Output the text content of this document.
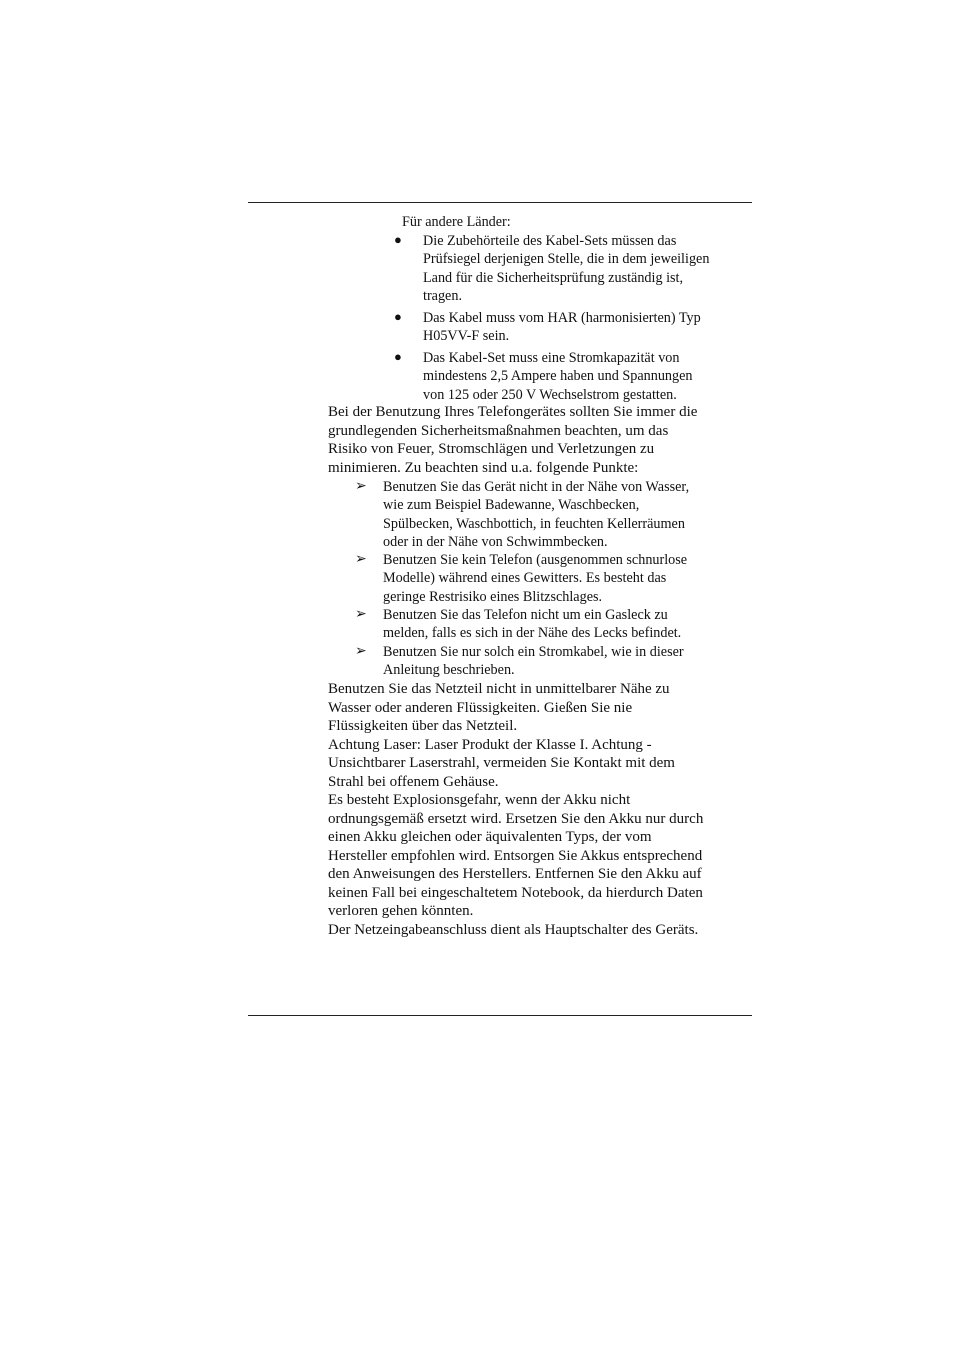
Für andere Länder:
● Die Zubehörteile des Kabel-Sets müssen das
Prüfsiegel derjenigen Stelle, die in dem jeweiligen
Land für die Sicherheitsprüfung zuständig ist,
tragen.
● Das Kabel muss vom HAR (harmonisierten) Typ
H05VV-F sein.
● Das Kabel-Set muss eine Stromkapazität von
mindestens 2,5 Ampere haben und Spannungen
von 125 oder 250 V Wechselstrom gestatten.
Bei der Benutzung Ihres Telefongerätes sollten Sie immer die
grundlegenden Sicherheitsmaßnahmen beachten, um das
Risiko von Feuer, Stromschlägen und Verletzungen zu
minimieren. Zu beachten sind u.a. folgende Punkte:
➢ Benutzen Sie das Gerät nicht in der Nähe von Wasser,
wie zum Beispiel Badewanne, Waschbecken,
Spülbecken, Waschbottich, in feuchten Kellerräumen
oder in der Nähe von Schwimmbecken.
➢ Benutzen Sie kein Telefon (ausgenommen schnurlose
Modelle) während eines Gewitters. Es besteht das
geringe Restrisiko eines Blitzschlages.
➢ Benutzen Sie das Telefon nicht um ein Gasleck zu
melden, falls es sich in der Nähe des Lecks befindet.
➢ Benutzen Sie nur solch ein Stromkabel, wie in dieser
Anleitung beschrieben.
Benutzen Sie das Netzteil nicht in unmittelbarer Nähe zu
Wasser oder anderen Flüssigkeiten. Gießen Sie nie
Flüssigkeiten über das Netzteil.
Achtung Laser: Laser Produkt der Klasse I. Achtung -
Unsichtbarer Laserstrahl, vermeiden Sie Kontakt mit dem
Strahl bei offenem Gehäuse.
Es besteht Explosionsgefahr, wenn der Akku nicht
ordnungsgemäß ersetzt wird. Ersetzen Sie den Akku nur durch
einen Akku gleichen oder äquivalenten Typs, der vom
Hersteller empfohlen wird. Entsorgen Sie Akkus entsprechend
den Anweisungen des Herstellers. Entfernen Sie den Akku auf
keinen Fall bei eingeschaltetem Notebook, da hierdurch Daten
verloren gehen könnten.
Der Netzeingabeanschluss dient als Hauptschalter des Geräts.
